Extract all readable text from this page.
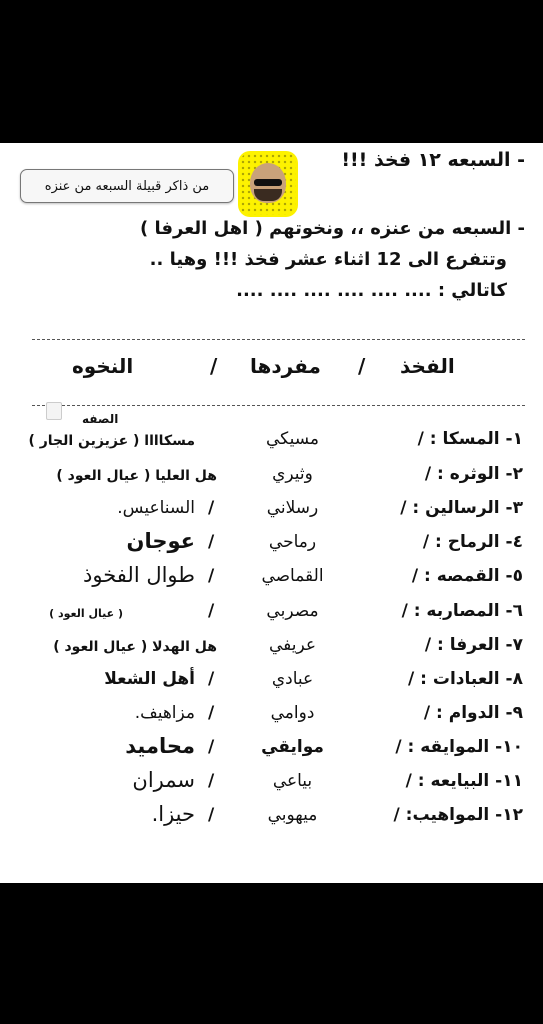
من ذاكر قبيلة السبعه من عنزه
- السبعه ١٢ فخذ !!!
- السبعه من عنزه ،، ونخوتهم ( اهل العرفا )
وتتفرع الى 12 اثناء عشر فخذ !!! وهيا ..
كاتالي : .... .... .... .... .... ....
الفخذ
/
مفردها
/
النخوه
الصفه
١- المسكا : /
مسيكي
مسكاااا ( عزيزين الجار )
٢- الوثره : /
وثيري
هل العليا ( عيال العود )
٣- الرسالين : /
رسلاني
/
السناعيس.
٤- الرماح : /
رماحي
/
عوجان
٥- القمصه : /
القماصي
/
طوال الفخوذ
٦- المصاربه : /
مصربي
/
( عيال العود )
٧- العرفا : /
عريفي
هل الهدلا ( عيال العود )
٨- العبادات : /
عبادي
/
أهل الشعلا
٩- الدوام : /
دوامي
/
مزاهيف.
١٠- الموايقه : /
موايقي
/
محاميد
١١- البيايعه : /
بياعي
/
سمران
١٢- المواهيب: /
ميهوبي
/
حيزا.
